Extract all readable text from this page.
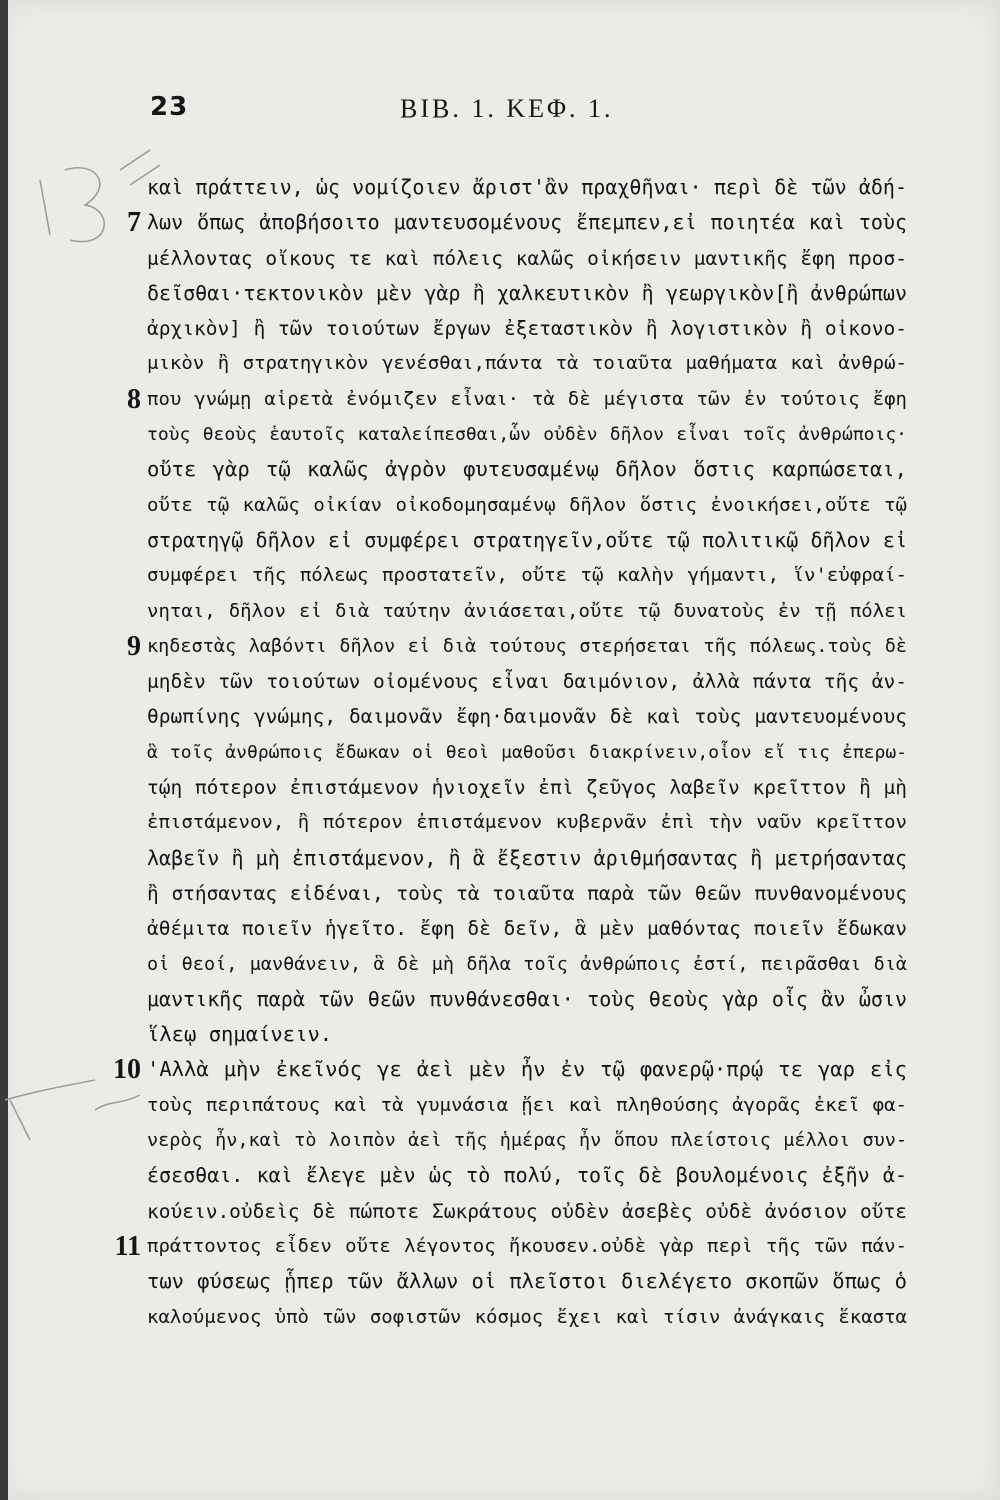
23	ΒΙΒ. 1. ΚΕΦ. 1.
καὶ πράττειν, ὡς νομίζοιεν ἄριστ'ἂν πραχθῆναι· περὶ δὲ τῶν ἀδή-
7 λων ὅπως ἀποβήσοιτο μαντευσομένους ἔπεμπεν,εἰ ποιητέα καὶ τοὺς
μέλλοντας οἴκους τε καὶ πόλεις καλῶς οἰκήσειν μαντικῆς ἔφη προσ-
δεῖσθαι·τεκτονικὸν μὲν γὰρ ἢ χαλκευτικὸν ἢ γεωργικὸν[ἢ ἀνθρώπων
ἀρχικὸν] ἢ τῶν τοιούτων ἔργων ἐξεταστικὸν ἢ λογιστικὸν ἢ οἰκονο-
μικὸν ἢ στρατηγικὸν γενέσθαι,πάντα τὰ τοιαῦτα μαθήματα καὶ ἀνθρώ-
8 που γνώμῃ αἱρετὰ ἐνόμιζεν εἶναι· τὰ δὲ μέγιστα τῶν ἐν τούτοις ἔφη
τοὺς θεοὺς ἑαυτοῖς καταλείπεσθαι,ὧν οὐδὲν δῆλον εἶναι τοῖς ἀνθρώποις·
οὔτε γὰρ τῷ καλῶς ἀγρὸν φυτευσαμένῳ δῆλον ὅστις καρπώσεται,
οὔτε τῷ καλῶς οἰκίαν οἰκοδομησαμένῳ δῆλον ὅστις ἐνοικήσει,οὔτε τῷ
στρατηγῷ δῆλον εἰ συμφέρει στρατηγεῖν,οὔτε τῷ πολιτικῷ δῆλον εἰ
συμφέρει τῆς πόλεως προστατεῖν, οὔτε τῷ καλὴν γήμαντι, ἵν'εὐφραί-
νηται, δῆλον εἰ διὰ ταύτην ἀνιάσεται,οὔτε τῷ δυνατοὺς ἐν τῇ πόλει
9 κηδεστὰς λαβόντι δῆλον εἰ διὰ τούτους στερήσεται τῆς πόλεως.τοὺς δὲ
μηδὲν τῶν τοιούτων οἰομένους εἶναι δαιμόνιον, ἀλλὰ πάντα τῆς ἀν-
θρωπίνης γνώμης, δαιμονᾶν ἔφη·δαιμονᾶν δὲ καὶ τοὺς μαντευομένους
ἃ τοῖς ἀνθρώποις ἔδωκαν οἱ θεοὶ μαθοῦσι διακρίνειν,οἷον εἴ τις ἐπερω-
τῴη πότερον ἐπιστάμενον ἡνιοχεῖν ἐπὶ ζεῦγος λαβεῖν κρεῖττον ἢ μὴ
ἐπιστάμενον, ἢ πότερον ἐπιστάμενον κυβερνᾶν ἐπὶ τὴν ναῦν κρεῖττον
λαβεῖν ἢ μὴ ἐπιστάμενον, ἢ ἃ ἔξεστιν ἀριθμήσαντας ἢ μετρήσαντας
ἢ στήσαντας εἰδέναι, τοὺς τὰ τοιαῦτα παρὰ τῶν θεῶν πυνθανομένους
ἀθέμιτα ποιεῖν ἡγεῖτο. ἔφη δὲ δεῖν, ἃ μὲν μαθόντας ποιεῖν ἔδωκαν
οἱ θεοί, μανθάνειν, ἃ δὲ μὴ δῆλα τοῖς ἀνθρώποις ἐστί, πειρᾶσθαι διὰ
μαντικῆς παρὰ τῶν θεῶν πυνθάνεσθαι· τοὺς θεοὺς γὰρ οἷς ἂν ὦσιν
ἵλεῳ σημαίνειν.
10 'Αλλὰ μὴν ἐκεῖνός γε ἀεὶ μὲν ἦν ἐν τῷ φανερῷ·πρῴ τε γαρ εἰς
τοὺς περιπάτους καὶ τὰ γυμνάσια ᾔει καὶ πληθούσης ἀγορᾶς ἐκεῖ φα-
νερὸς ἦν,καὶ τὸ λοιπὸν ἀεὶ τῆς ἡμέρας ἦν ὅπου πλείστοις μέλλοι συν-
έσεσθαι. καὶ ἔλεγε μὲν ὡς τὸ πολύ, τοῖς δὲ βουλομένοις ἐξῆν ἀ-
κούειν.οὐδεὶς δὲ πώποτε Σωκράτους οὐδὲν ἀσεβὲς οὐδὲ ἀνόσιον οὔτε
11 πράττοντος εἶδεν οὔτε λέγοντος ἤκουσεν.οὐδὲ γὰρ περὶ τῆς τῶν πάν-
των φύσεως ᾗπερ τῶν ἄλλων οἱ πλεῖστοι διελέγετο σκοπῶν ὅπως ὁ
καλούμενος ὑπὸ τῶν σοφιστῶν κόσμος ἔχει καὶ τίσιν ἀνάγκαις ἕκαστα
